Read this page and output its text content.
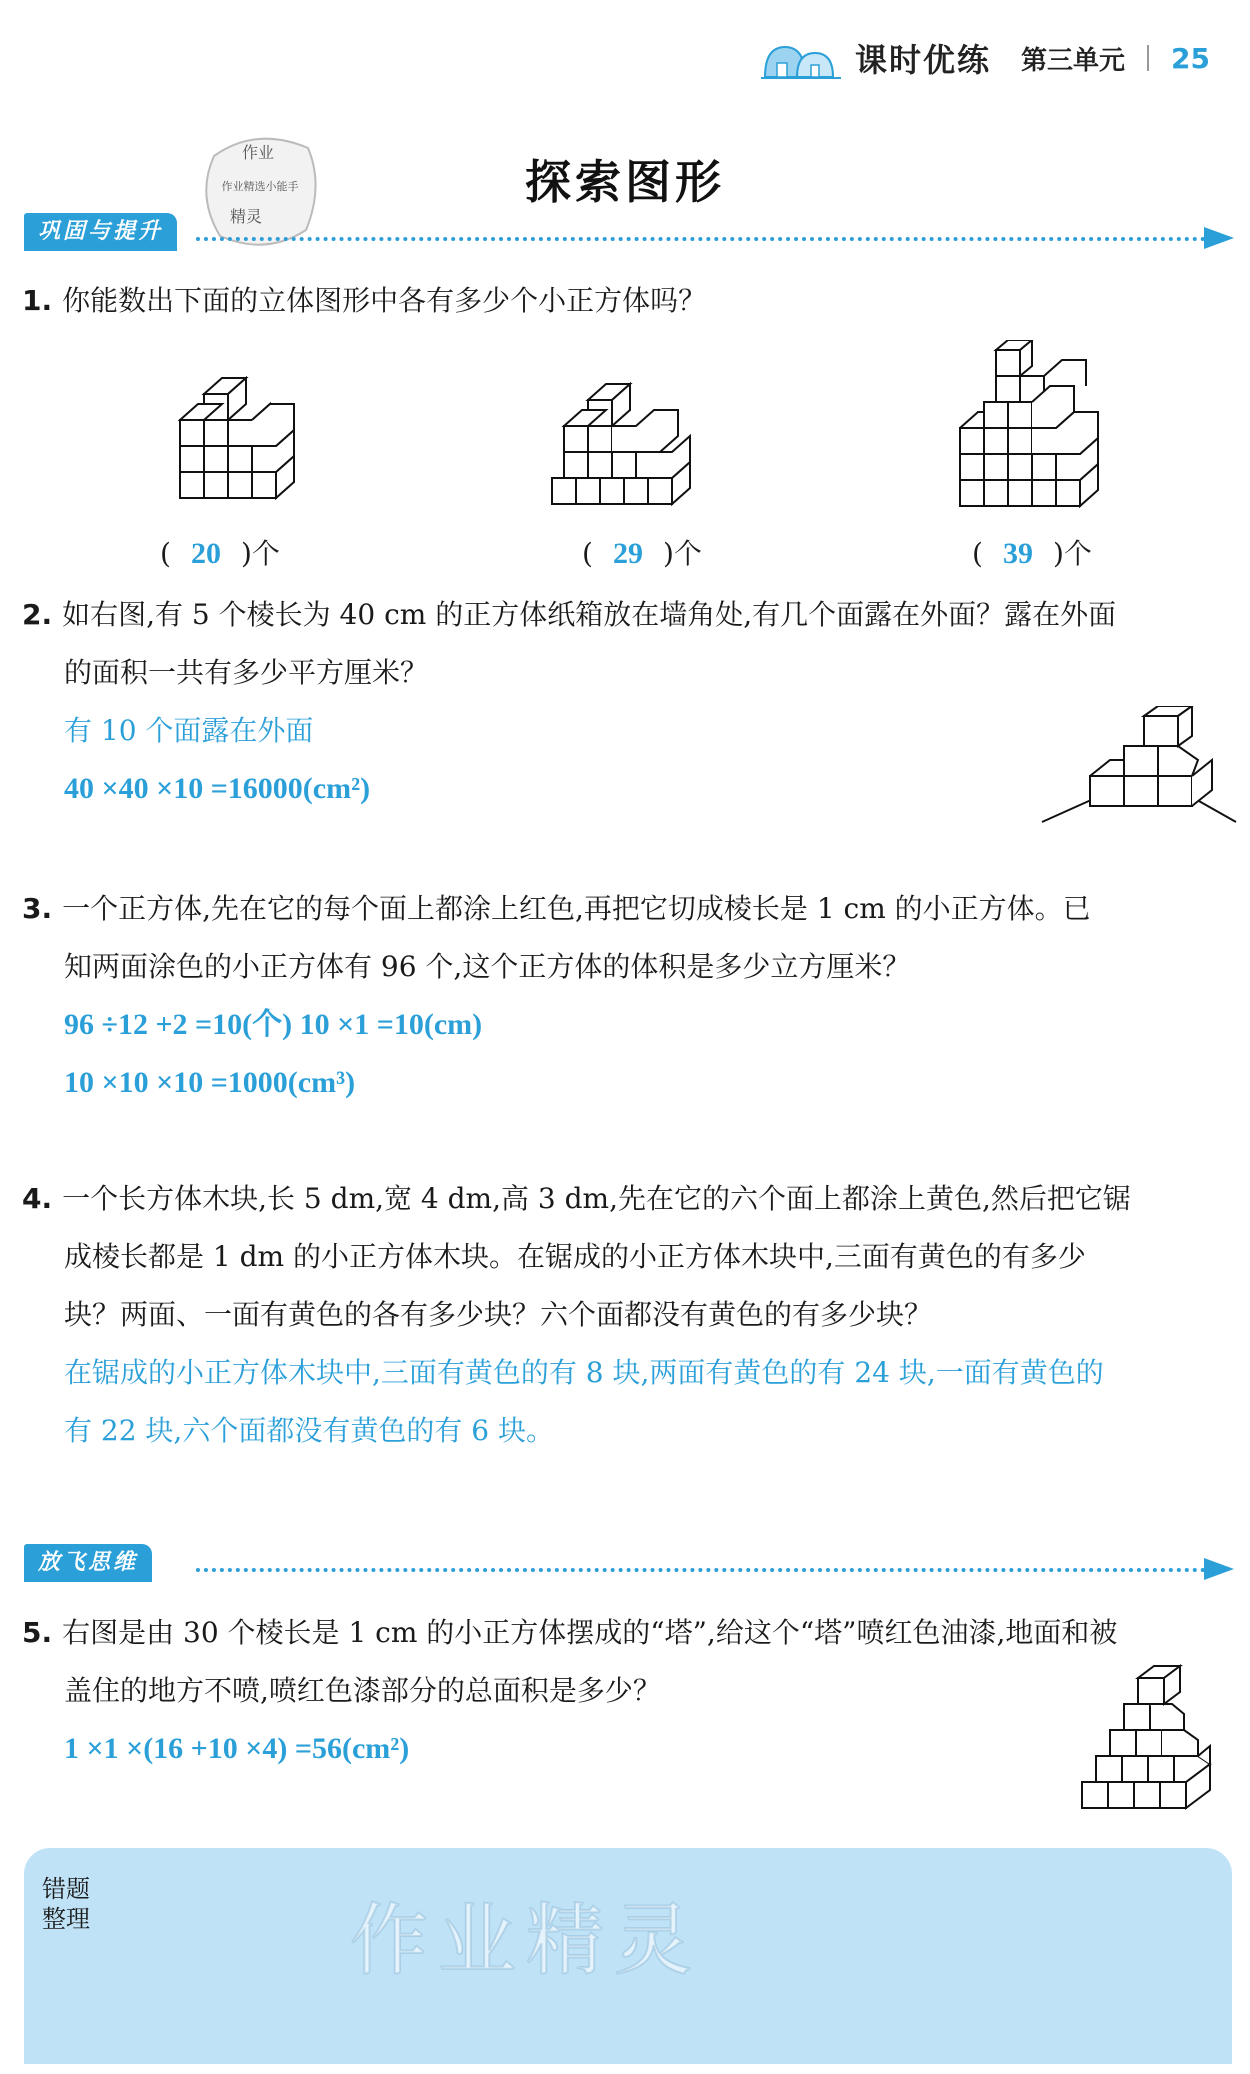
课时优练 第三单元 25
作业
作业精选小能手
精灵
探索图形
巩固与提升
1. 你能数出下面的立体图形中各有多少个小正方体吗？
( 20 )个	( 29 )个	( 39 )个
2. 如右图,有 5 个棱长为 40 cm 的正方体纸箱放在墙角处,有几个面露在外面？露在外面
的面积一共有多少平方厘米？
有 10 个面露在外面
40 ×40 ×10 =16000(cm²)
3. 一个正方体,先在它的每个面上都涂上红色,再把它切成棱长是 1 cm 的小正方体。已
知两面涂色的小正方体有 96 个,这个正方体的体积是多少立方厘米？
96 ÷12 +2 =10(个) 10 ×1 =10(cm)
10 ×10 ×10 =1000(cm³)
4. 一个长方体木块,长 5 dm,宽 4 dm,高 3 dm,先在它的六个面上都涂上黄色,然后把它锯
成棱长都是 1 dm 的小正方体木块。在锯成的小正方体木块中,三面有黄色的有多少
块？两面、一面有黄色的各有多少块？六个面都没有黄色的有多少块？
在锯成的小正方体木块中,三面有黄色的有 8 块,两面有黄色的有 24 块,一面有黄色的
有 22 块,六个面都没有黄色的有 6 块。
放飞思维
5. 右图是由 30 个棱长是 1 cm 的小正方体摆成的“塔”,给这个“塔”喷红色油漆,地面和被
盖住的地方不喷,喷红色漆部分的总面积是多少？
1 ×1 ×(16 +10 ×4) =56(cm²)
错题
整理	作业精灵
